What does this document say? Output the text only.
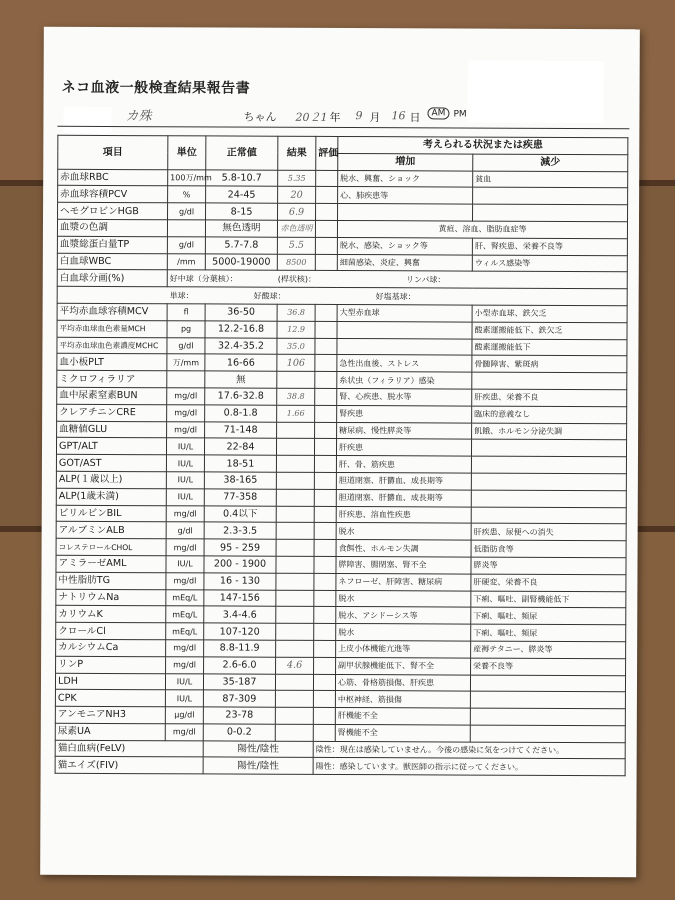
ネコ血液一般検査結果報告書
カ殊	ちゃん 20２1 年 9 月 16 日	AM PM
項目	単位	正常値	結果	評価	考えられる状況または疾患	
					増加	減少
赤血球RBC	100万/mm	5.8-10.7	5.35		脱水、興奮、ショック	貧血
赤血球容積PCV	%	24-45	20		心、肺疾患等	
ヘモグロビンHGB	g/dl	8-15	6.9			
血漿の色調		無色透明	赤色透明		黄疸、溶血、脂肪血症等	
血漿総蛋白量TP	g/dl	5.7-7.8	5.5		脱水、感染、ショック等	肝、腎疾患、栄養不良等
白血球WBC	/mm	5000-19000	8500		細菌感染、炎症、興奮	ウィルス感染等
白血球分画(%)	好中球（分葉核）： (桿状核)： リンパ球：					
単球： 好酸球： 好塩基球：						
平均赤血球容積MCV	fl	36-50	36.8		大型赤血球	小型赤血球、鉄欠乏
平均赤血球血色素量MCH	pg	12.2-16.8	12.9			酸素運搬能低下、鉄欠乏
平均赤血球血色素濃度MCHC	g/dl	32.4-35.2	35.0			酸素運搬能低下
血小板PLT	万/mm	16-66	106		急性出血後、ストレス	骨髄障害、紫斑病
ミクロフィラリア		無			糸状虫（フィラリア）感染	
血中尿素窒素BUN	mg/dl	17.6-32.8	38.8		腎、心疾患、脱水等	肝疾患、栄養不良
クレアチニンCRE	mg/dl	0.8-1.8	1.66		腎疾患	臨床的意義なし
血糖値GLU	mg/dl	71-148			糖尿病、慢性膵炎等	飢餓、ホルモン分泌失調
GPT/ALT	IU/L	22-84			肝疾患	
GOT/AST	IU/L	18-51			肝、骨、筋疾患	
ALP(１歳以上)	IU/L	38-165			胆道閉塞、肝欝血、成長期等	
ALP(1歳未満)	IU/L	77-358			胆道閉塞、肝欝血、成長期等	
ビリルビンBIL	mg/dl	0.4以下			肝疾患、溶血性疾患	
アルブミンALB	g/dl	2.3-3.5			脱水	肝疾患、尿便への消失
コレステロールCHOL	mg/dl	95 - 259			食餌性、ホルモン失調	低脂肪食等
アミラーゼAML	IU/L	200 - 1900			膵障害、腸閉塞、腎不全	膵炎等
中性脂肪TG	mg/dl	16 - 130			ネフローゼ、肝障害、糖尿病	肝硬変、栄養不良
ナトリウムNa	mEq/L	147-156			脱水	下痢、嘔吐、副腎機能低下
カリウムK	mEq/L	3.4-4.6			脱水、アシドーシス等	下痢、嘔吐、頻尿
クロールCl	mEq/L	107-120			脱水	下痢、嘔吐、頻尿
カルシウムCa	mg/dl	8.8-11.9			上皮小体機能亢進等	産褥テタニー、膵炎等
リンP	mg/dl	2.6-6.0	4.6		副甲状腺機能低下、腎不全	栄養不良等
LDH	IU/L	35-187			心筋、骨格筋損傷、肝疾患	
CPK	IU/L	87-309			中枢神経、筋損傷	
アンモニアNH3	μg/dl	23-78			肝機能不全	
尿素UA	mg/dl	0-0.2			腎機能不全	
猫白血病(FeLV)		陽性/陰性		陰性：現在は感染していません。今後の感染に気をつけてください。		
猫エイズ(FIV)		陽性/陰性		陽性：感染しています。獣医師の指示に従ってください。		
